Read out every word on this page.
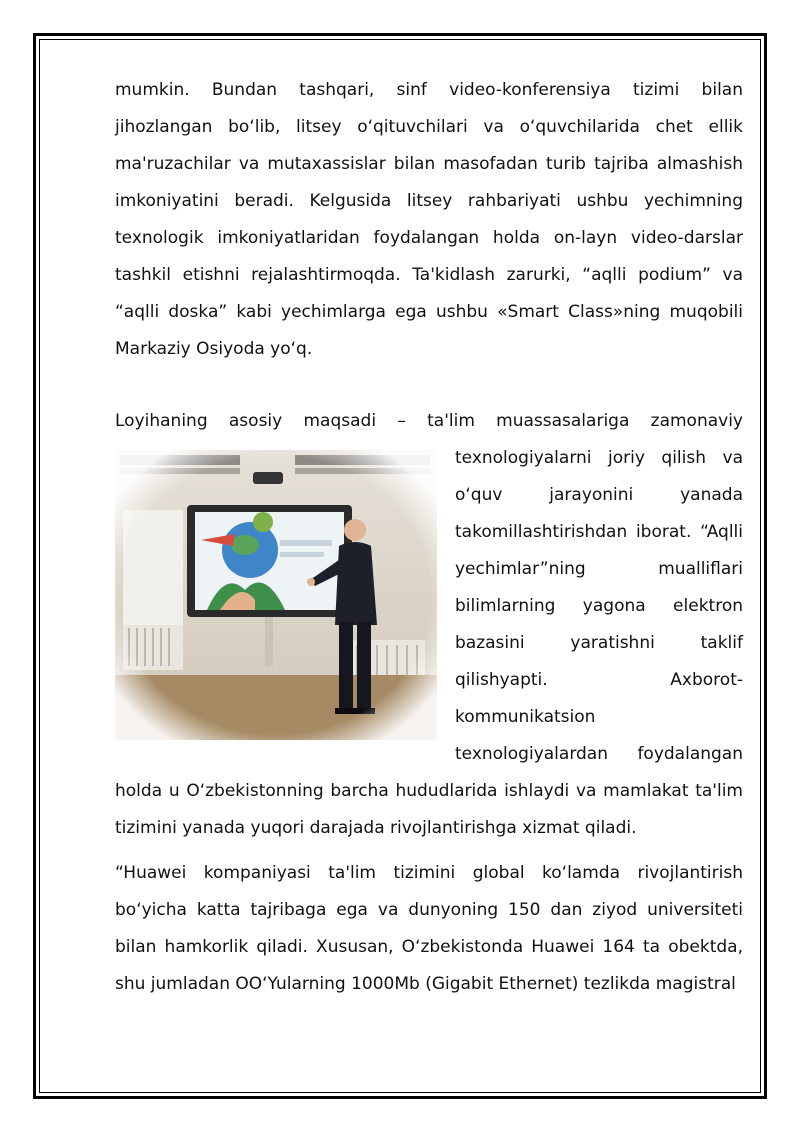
mumkin. Bundan tashqari, sinf video-konferensiya tizimi bilan jihozlangan bo‘lib, litsey o‘qituvchilari va o‘quvchilarida chet ellik ma'ruzachilar va mutaxassislar bilan masofadan turib tajriba almashish imkoniyatini beradi. Kelgusida litsey rahbariyati ushbu yechimning texnologik imkoniyatlaridan foydalangan holda on-layn video-darslar tashkil etishni rejalashtirmoqda. Ta'kidlash zarurki, “aqlli podium” va “aqlli doska” kabi yechimlarga ega ushbu «Smart Class»ning muqobili Markaziy Osiyoda yo‘q.

Loyihaning asosiy maqsadi – ta'lim muassasalariga zamonaviy
texnologiyalarni joriy qilish va o‘quv jarayonini yanada takomillashtirishdan iborat. “Aqlli yechimlar”ning mualliflari bilimlarning yagona elektron bazasini yaratishni taklif qilishyapti. Axborot-kommunikatsion texnologiyalardan foydalangan holda u O‘zbekistonning barcha hududlarida ishlaydi va mamlakat ta'lim tizimini yanada yuqori darajada rivojlantirishga xizmat qiladi.

“Huawei kompaniyasi ta'lim tizimini global ko‘lamda rivojlantirish bo‘yicha katta tajribaga ega va dunyoning 150 dan ziyod universiteti bilan hamkorlik qiladi. Xususan, O‘zbekistonda Huawei 164 ta obektda, shu jumladan OO‘Yularning 1000Mb (Gigabit Ethernet) tezlikda magistral
